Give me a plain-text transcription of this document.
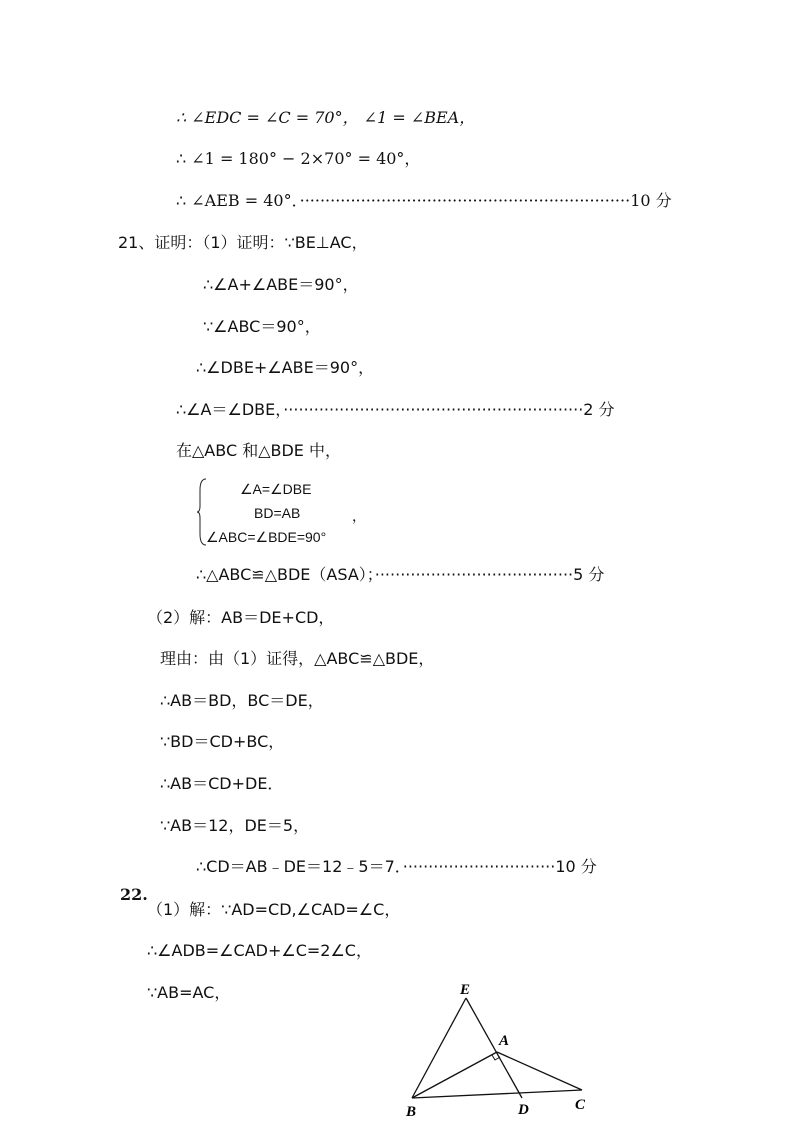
∴ ∠EDC = ∠C = 70°， ∠1 = ∠BEA，
∴ ∠1 = 180° − 2×70° = 40°，
∴ ∠AEB = 40°．·································································10 分
21、证明：（1）证明：∵BE⊥AC，
∴∠A+∠ABE＝90°，
∵∠ABC＝90°，
∴∠DBE+∠ABE＝90°，
∴∠A＝∠DBE，···························································2 分
在△ABC 和△BDE 中，
∠A=∠DBE
BD=AB
∠ABC=∠BDE=90°
，
∴△ABC≌△BDE（ASA）；·······································5 分
（2）解：AB＝DE+CD，
理由：由（1）证得，△ABC≌△BDE，
∴AB＝BD，BC＝DE，
∵BD＝CD+BC，
∴AB＝CD+DE．
∵AB＝12，DE＝5，
∴CD＝AB﹣DE＝12﹣5＝7．······························10 分
22.
（1）解：∵AD=CD,∠CAD=∠C，
∴∠ADB=∠CAD+∠C=2∠C，
∵AB=AC，	E
A
B	D	C
